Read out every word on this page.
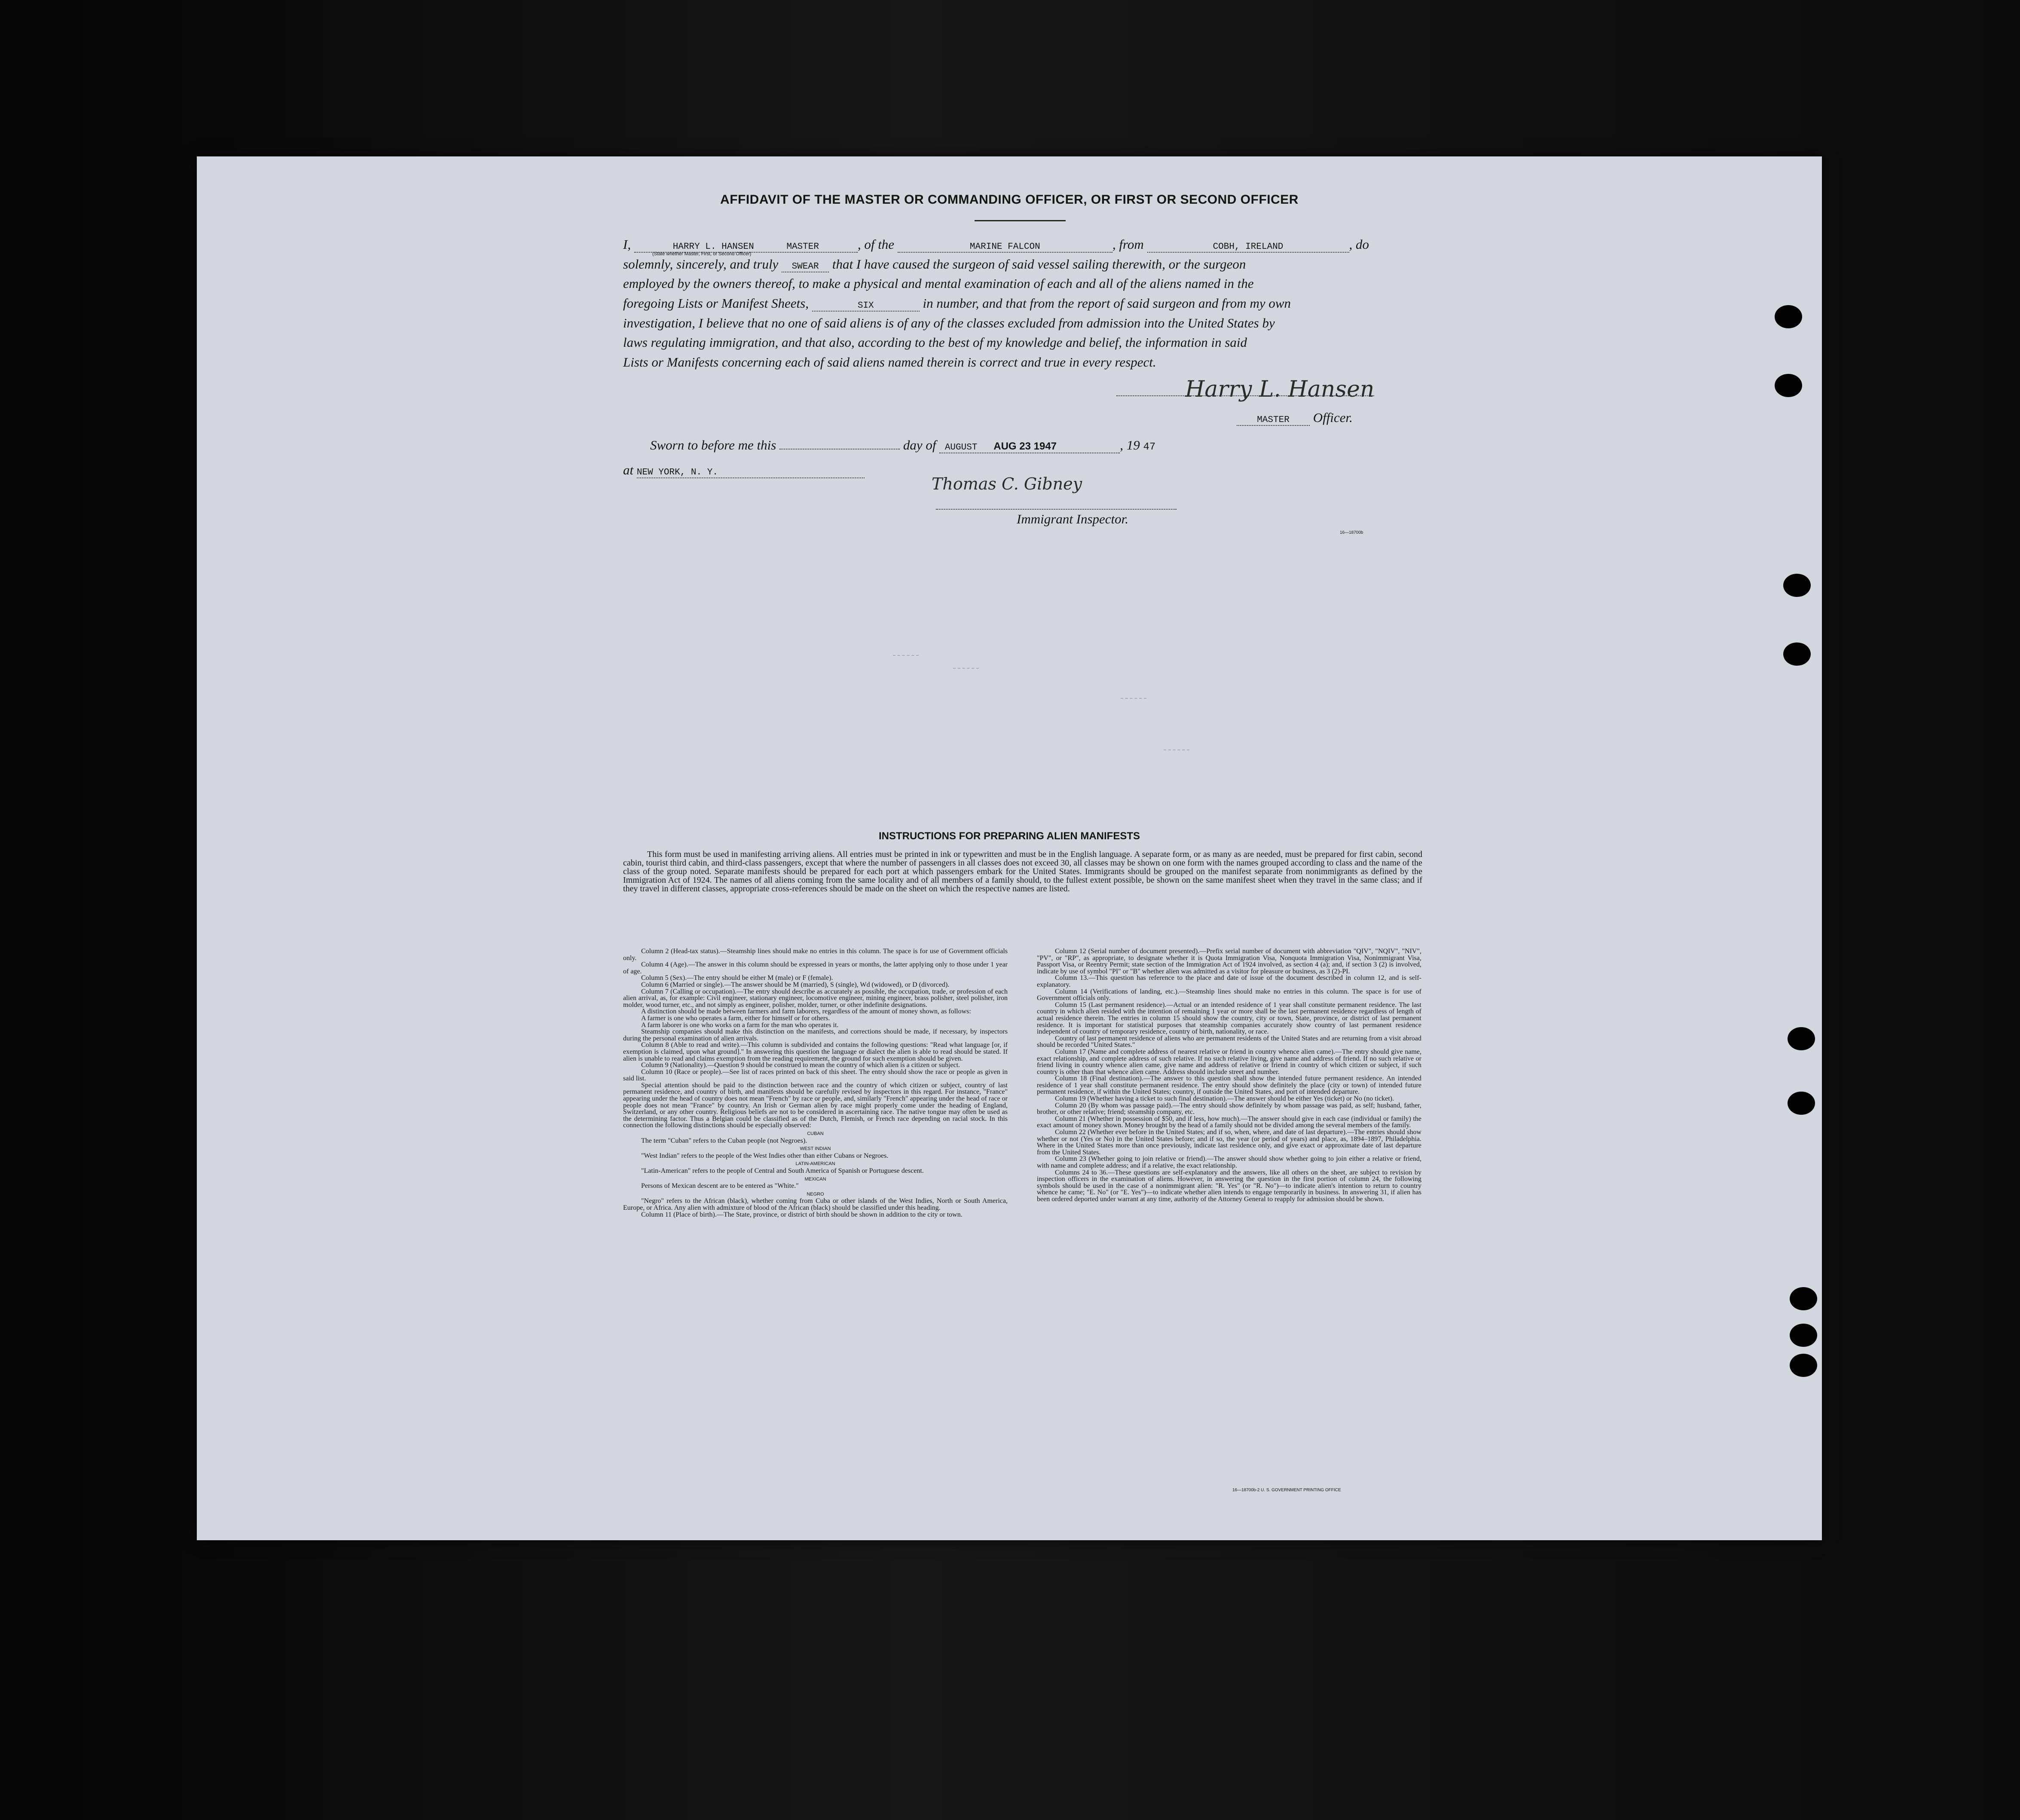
AFFIDAVIT OF THE MASTER OR COMMANDING OFFICER, OR FIRST OR SECOND OFFICER
I,	HARRY L. HANSEN	MASTER	, of the	MARINE FALCON	, from	COBH, IRELAND	, do
(State whether Master, First, or Second Officer)
solemnly, sincerely, and truly SWEAR that I have caused the surgeon of said vessel sailing therewith, or the surgeon
employed by the owners thereof, to make a physical and mental examination of each and all of the aliens named in the
foregoing Lists or Manifest Sheets,	SIX	in number, and that from the report of said surgeon and from my own
investigation, I believe that no one of said aliens is of any of the classes excluded from admission into the United States by
laws regulating immigration, and that also, according to the best of my knowledge and belief, the information in said
Lists or Manifests concerning each of said aliens named therein is correct and true in every respect.
Harry L. Hansen
MASTER Officer.
Sworn to before me this	day of AUGUST AUG 23 1947	, 19 47
at NEW YORK, N. Y.
Thomas C. Gibney
Immigrant Inspector.
16—18700b
INSTRUCTIONS FOR PREPARING ALIEN MANIFESTS
This form must be used in manifesting arriving aliens. All entries must be printed in ink or typewritten and must be in the English language. A separate form, or as many as are needed, must be prepared for first cabin, second cabin, tourist third cabin, and third-class passengers, except that where the number of passengers in all classes does not exceed 30, all classes may be shown on one form with the names grouped according to class and the name of the class of the group noted. Separate manifests should be prepared for each port at which passengers embark for the United States. Immigrants should be grouped on the manifest separate from nonimmigrants as defined by the Immigration Act of 1924. The names of all aliens coming from the same locality and of all members of a family should, to the fullest extent possible, be shown on the same manifest sheet when they travel in the same class; and if they travel in different classes, appropriate cross-references should be made on the sheet on which the respective names are listed.

Column 2 (Head-tax status).—Steamship lines should make no entries in this column. The space is for use of Government officials only.

Column 4 (Age).—The answer in this column should be expressed in years or months, the latter applying only to those under 1 year of age.

Column 5 (Sex).—The entry should be either M (male) or F (female).

Column 6 (Married or single).—The answer should be M (married), S (single), Wd (widowed), or D (divorced).

Column 7 (Calling or occupation).—The entry should describe as accurately as possible, the occupation, trade, or profession of each alien arrival, as, for example: Civil engineer, stationary engineer, locomotive engineer, mining engineer, brass polisher, steel polisher, iron molder, wood turner, etc., and not simply as engineer, polisher, molder, turner, or other indefinite designations.

A distinction should be made between farmers and farm laborers, regardless of the amount of money shown, as follows:

A farmer is one who operates a farm, either for himself or for others.

A farm laborer is one who works on a farm for the man who operates it.

Steamship companies should make this distinction on the manifests, and corrections should be made, if necessary, by inspectors during the personal examination of alien arrivals.

Column 8 (Able to read and write).—This column is subdivided and contains the following questions: "Read what language [or, if exemption is claimed, upon what ground]." In answering this question the language or dialect the alien is able to read should be stated. If alien is unable to read and claims exemption from the reading requirement, the ground for such exemption should be given.

Column 9 (Nationality).—Question 9 should be construed to mean the country of which alien is a citizen or subject.

Column 10 (Race or people).—See list of races printed on back of this sheet. The entry should show the race or people as given in said list.

Special attention should be paid to the distinction between race and the country of which citizen or subject, country of last permanent residence, and country of birth, and manifests should be carefully revised by inspectors in this regard. For instance, "France" appearing under the head of country does not mean "French" by race or people, and, similarly "French" appearing under the head of race or people does not mean "France" by country. An Irish or German alien by race might properly come under the heading of England, Switzerland, or any other country. Religious beliefs are not to be considered in ascertaining race. The native tongue may often be used as the determining factor. Thus a Belgian could be classified as of the Dutch, Flemish, or French race depending on racial stock. In this connection the following distinctions should be especially observed:

CUBAN

The term "Cuban" refers to the Cuban people (not Negroes).

WEST INDIAN

"West Indian" refers to the people of the West Indies other than either Cubans or Negroes.

LATIN-AMERICAN

"Latin-American" refers to the people of Central and South America of Spanish or Portuguese descent.

MEXICAN

Persons of Mexican descent are to be entered as "White."

NEGRO

"Negro" refers to the African (black), whether coming from Cuba or other islands of the West Indies, North or South America, Europe, or Africa. Any alien with admixture of blood of the African (black) should be classified under this heading.

Column 11 (Place of birth).—The State, province, or district of birth should be shown in addition to the city or town.

Column 12 (Serial number of document presented).—Prefix serial number of document with abbreviation "QIV", "NQIV", "NIV", "PV", or "RP", as appropriate, to designate whether it is Quota Immigration Visa, Nonquota Immigration Visa, Nonimmigrant Visa, Passport Visa, or Reentry Permit; state section of the Immigration Act of 1924 involved, as section 4 (a); and, if section 3 (2) is involved, indicate by use of symbol "PI" or "B" whether alien was admitted as a visitor for pleasure or business, as 3 (2)-PI.

Column 13.—This question has reference to the place and date of issue of the document described in column 12, and is self-explanatory.

Column 14 (Verifications of landing, etc.).—Steamship lines should make no entries in this column. The space is for use of Government officials only.

Column 15 (Last permanent residence).—Actual or an intended residence of 1 year shall constitute permanent residence. The last country in which alien resided with the intention of remaining 1 year or more shall be the last permanent residence regardless of length of actual residence therein. The entries in column 15 should show the country, city or town, State, province, or district of last permanent residence. It is important for statistical purposes that steamship companies accurately show country of last permanent residence independent of country of temporary residence, country of birth, nationality, or race.

Country of last permanent residence of aliens who are permanent residents of the United States and are returning from a visit abroad should be recorded "United States."

Column 17 (Name and complete address of nearest relative or friend in country whence alien came).—The entry should give name, exact relationship, and complete address of such relative. If no such relative living, give name and address of friend. If no such relative or friend living in country whence alien came, give name and address of relative or friend in country of which citizen or subject, if such country is other than that whence alien came. Address should include street and number.

Column 18 (Final destination).—The answer to this question shall show the intended future permanent residence. An intended residence of 1 year shall constitute permanent residence. The entry should show definitely the place (city or town) of intended future permanent residence, if within the United States; country, if outside the United States, and port of intended departure.

Column 19 (Whether having a ticket to such final destination).—The answer should be either Yes (ticket) or No (no ticket).

Column 20 (By whom was passage paid).—The entry should show definitely by whom passage was paid, as self; husband, father, brother, or other relative; friend; steamship company, etc.

Column 21 (Whether in possession of $50, and if less, how much).—The answer should give in each case (individual or family) the exact amount of money shown. Money brought by the head of a family should not be divided among the several members of the family.

Column 22 (Whether ever before in the United States; and if so, when, where, and date of last departure).—The entries should show whether or not (Yes or No) in the United States before; and if so, the year (or period of years) and place, as, 1894–1897, Philadelphia. Where in the United States more than once previously, indicate last residence only, and give exact or approximate date of last departure from the United States.

Column 23 (Whether going to join relative or friend).—The answer should show whether going to join either a relative or friend, with name and complete address; and if a relative, the exact relationship.

Columns 24 to 36.—These questions are self-explanatory and the answers, like all others on the sheet, are subject to revision by inspection officers in the examination of aliens. However, in answering the question in the first portion of column 24, the following symbols should be used in the case of a nonimmigrant alien: "R. Yes" (or "R. No")—to indicate alien's intention to return to country whence he came; "E. No" (or "E. Yes")—to indicate whether alien intends to engage temporarily in business. In answering 31, if alien has been ordered deported under warrant at any time, authority of the Attorney General to reapply for admission should be shown.

16—18700b-2 U. S. GOVERNMENT PRINTING OFFICE
